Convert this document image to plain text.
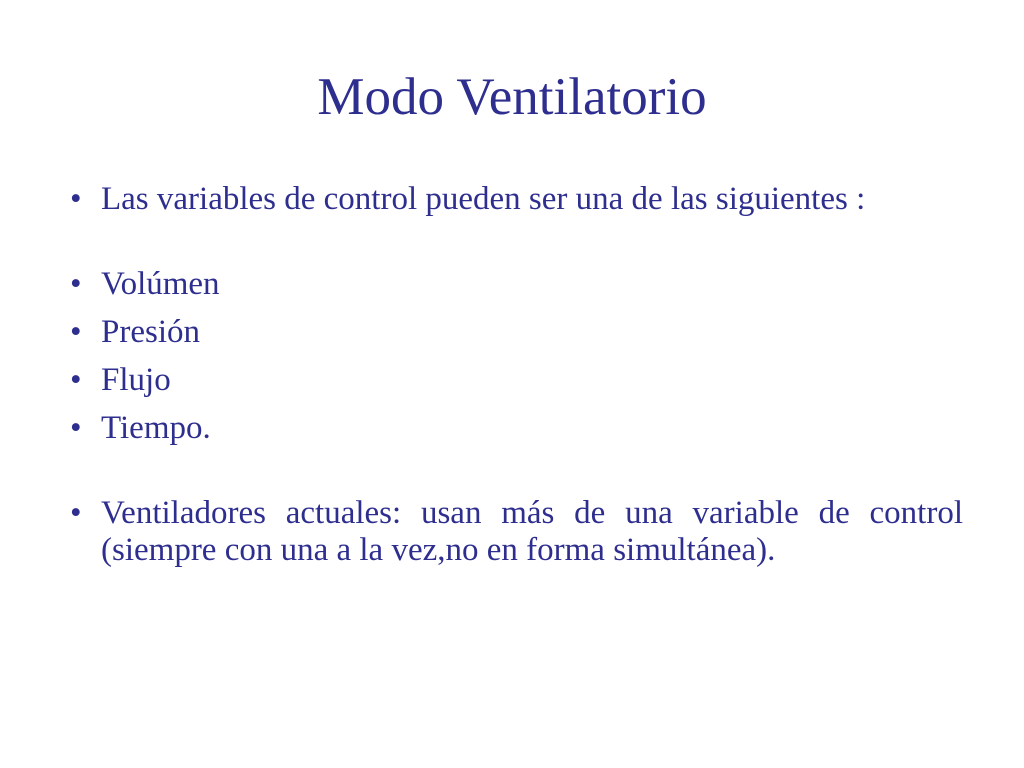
Modo Ventilatorio
• Las variables de control pueden ser una de las siguientes :
• Volúmen
• Presión
• Flujo
• Tiempo.
• Ventiladores actuales: usan más de una variable de control (siempre con una a la vez,no en forma simultánea).
